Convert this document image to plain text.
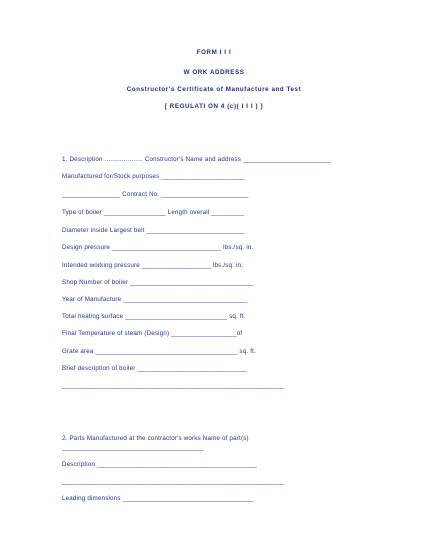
FORM I I I
W ORK ADDRESS
Constructor's Certificate of Manufacture and Test
[ REGULATI ON 4 (c)( I I I ) ]
1. Description .................... Constructor's Name and address ________________________
Manufactured for/Stock purposes _______________________
________________ Contract No. ________________________
Type of boiler _________________ Length overall _________
Diameter inside Largest belt ___________________________
Design pressure ______________________________ lbs./sq. in.
Intended working pressure ___________________ lbs./sq. in.
Shop Number of boiler __________________________________
Year of Manufacture __________________________________
Total heating surface ____________________________ sq. ft.
Final Temperature of steam (Design) __________________of
Grate area _______________________________________ sq. ft.
Brief description of boiler ______________________________
_____________________________________________________________
2. Parts Manufactured at the contractor's works Name of part(s)
_______________________________________
Description ____________________________________________
_____________________________________________________________
Leading dimensions ____________________________________
